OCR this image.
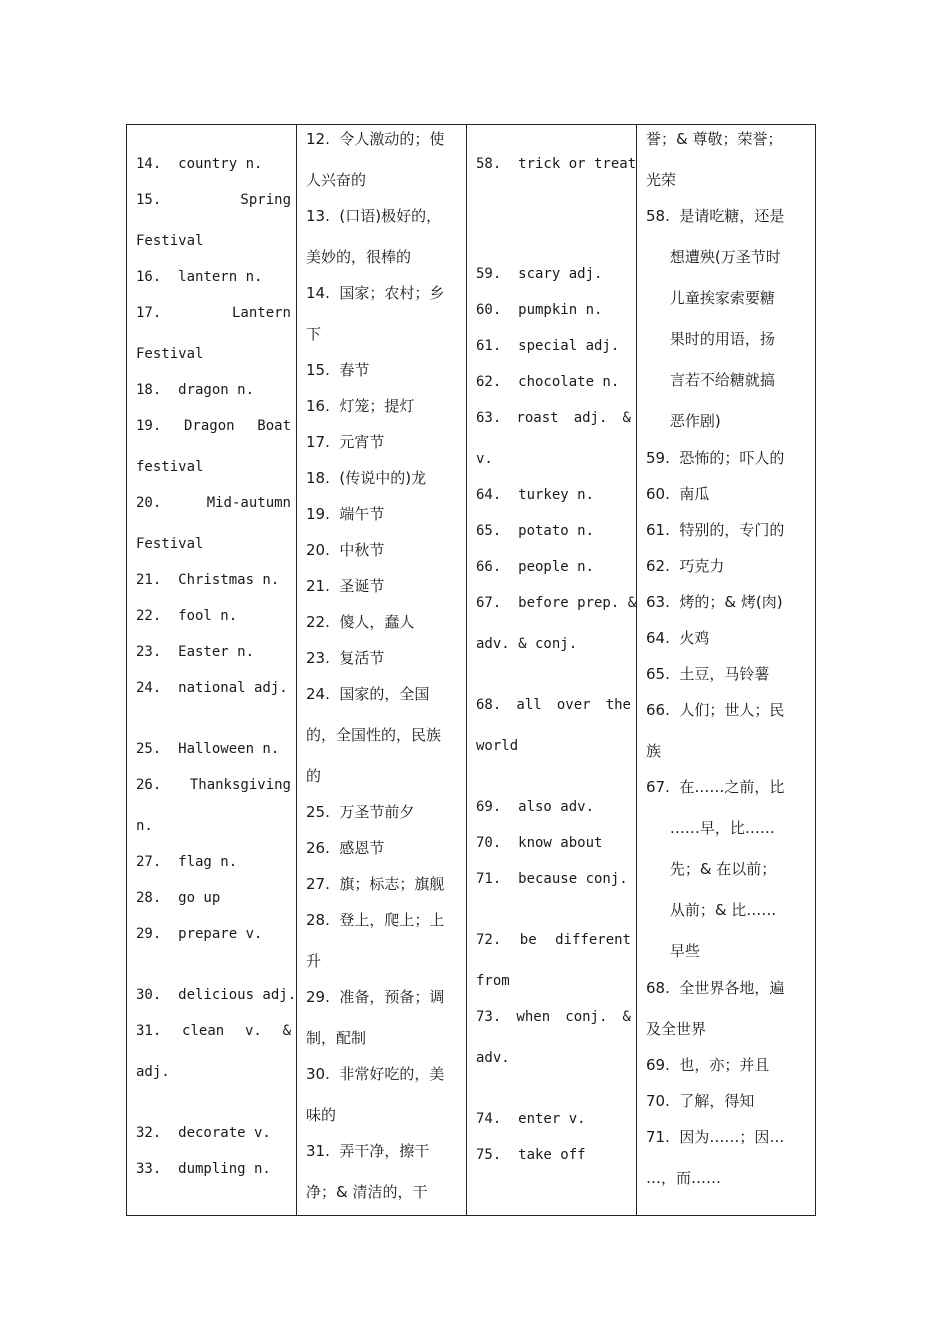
14.  country n.
15.	Spring
Festival
16.  lantern n.
17.	Lantern
Festival
18.  dragon n.
19. Dragon Boat
festival
20.	Mid-autumn
Festival
21.  Christmas n.
22.  fool n.
23.  Easter n.
24.  national adj.
25.  Halloween n.
26. Thanksgiving
n.
27.  flag n.
28.  go up
29.  prepare v.
30.  delicious adj.
31. clean v. &
adj.
32.  decorate v.
33.  dumpling n.
12.  令人激动的；使
人兴奋的
13.  (口语)极好的，
美妙的，很棒的
14.  国家；农村；乡
下
15.  春节
16.  灯笼；提灯
17.  元宵节
18.  (传说中的)龙
19.  端午节
20.  中秋节
21.  圣诞节
22.  傻人，蠢人
23.  复活节
24.  国家的，全国
的，全国性的，民族
的
25.  万圣节前夕
26.  感恩节
27.  旗；标志；旗舰
28.  登上，爬上；上
升
29.  准备，预备；调
制，配制
30.  非常好吃的，美
味的
31.  弄干净，擦干
净；& 清洁的，干
58.  trick or treat
59.  scary adj.
60.  pumpkin n.
61.  special adj.
62.  chocolate n.
63. roast adj. &
v.
64.  turkey n.
65.  potato n.
66.  people n.
67.  before prep. &
adv. & conj.
68. all over the
world
69.  also adv.
70.  know about
71.  because conj.
72. be different
from
73. when conj. &
adv.
74.  enter v.
75.  take off
誉；& 尊敬；荣誉；
光荣
58.  是请吃糖，还是
想遭殃(万圣节时
儿童挨家索要糖
果时的用语，扬
言若不给糖就搞
恶作剧)
59.  恐怖的；吓人的
60.  南瓜
61.  特别的，专门的
62.  巧克力
63.  烤的；& 烤(肉)
64.  火鸡
65.  土豆，马铃薯
66.  人们；世人；民
族
67.  在……之前，比
……早，比……
先；& 在以前；
从前；& 比……
早些
68.  全世界各地，遍
及全世界
69.  也，亦；并且
70.  了解，得知
71.  因为……；因…
…，而……
